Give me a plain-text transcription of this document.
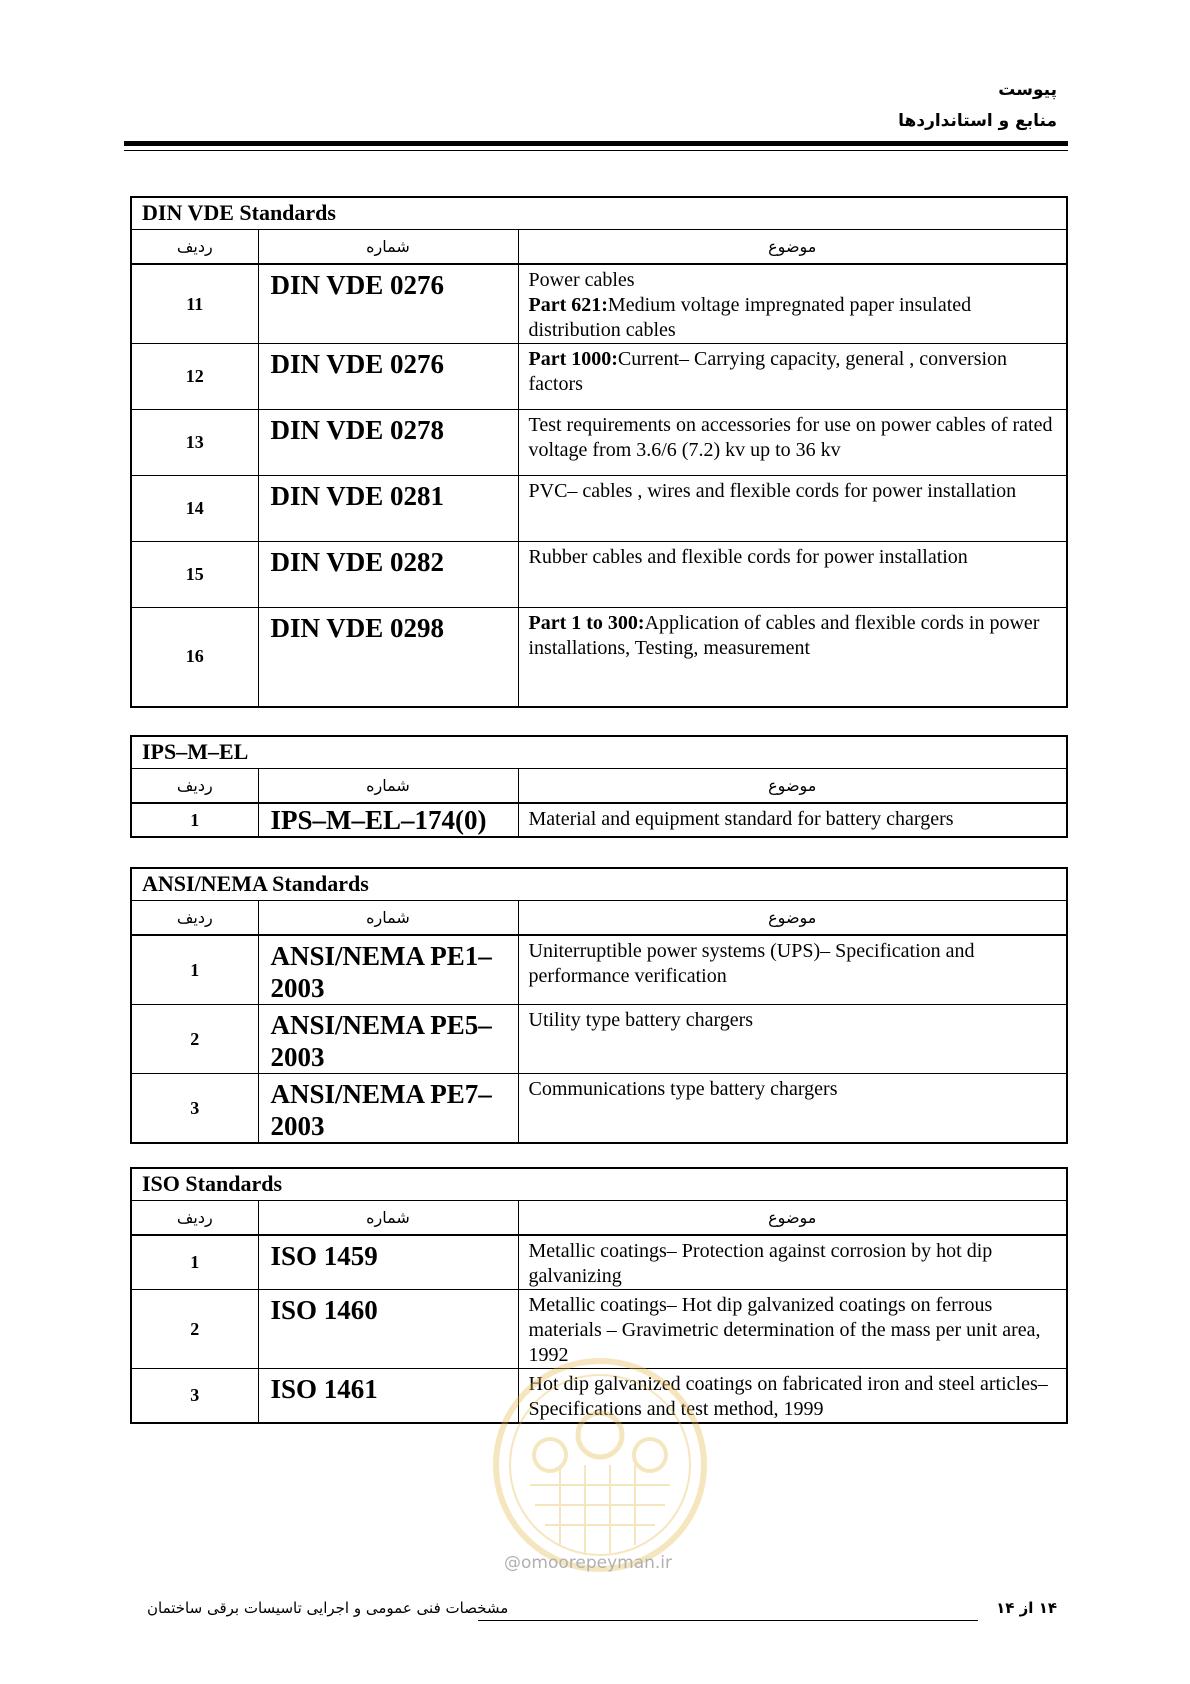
پیوست
منابع و استانداردها
DIN VDE Standards		
ردیف	شماره	موضوع
11	DIN VDE 0276	Power cables
Part 621:Medium voltage impregnated paper insulated distribution cables

12	DIN VDE 0276	Part 1000:Current– Carrying capacity, general , conversion factors
13	DIN VDE 0278	Test requirements on accessories for use on power cables of rated voltage from 3.6/6 (7.2) kv up to 36 kv
14	DIN VDE 0281	PVC– cables , wires and flexible cords for power installation
15	DIN VDE 0282	Rubber cables and flexible cords for power installation
16	DIN VDE 0298	Part 1 to 300:Application of cables and flexible cords in power installations, Testing, measurement
IPS–M–EL		
ردیف	شماره	موضوع
1	IPS–M–EL–174(0)	Material and equipment standard for battery chargers
ANSI/NEMA Standards		
ردیف	شماره	موضوع
1	ANSI/NEMA PE1–2003	Uniterruptible power systems (UPS)– Specification and performance verification
2	ANSI/NEMA PE5–2003	Utility type battery chargers
3	ANSI/NEMA PE7–2003	Communications type battery chargers
ISO Standards		
ردیف	شماره	موضوع
1	ISO 1459	Metallic coatings– Protection against corrosion by hot dip galvanizing
2	ISO 1460	Metallic coatings– Hot dip galvanized coatings on ferrous materials – Gravimetric determination of the mass per unit area, 1992
3	ISO 1461	Hot dip galvanized coatings on fabricated iron and steel articles– Specifications and test method, 1999
@omoorepeyman.ir
مشخصات فنی عمومی و اجرایی تاسیسات برقی ساختمان	۱۴ از ۱۴
